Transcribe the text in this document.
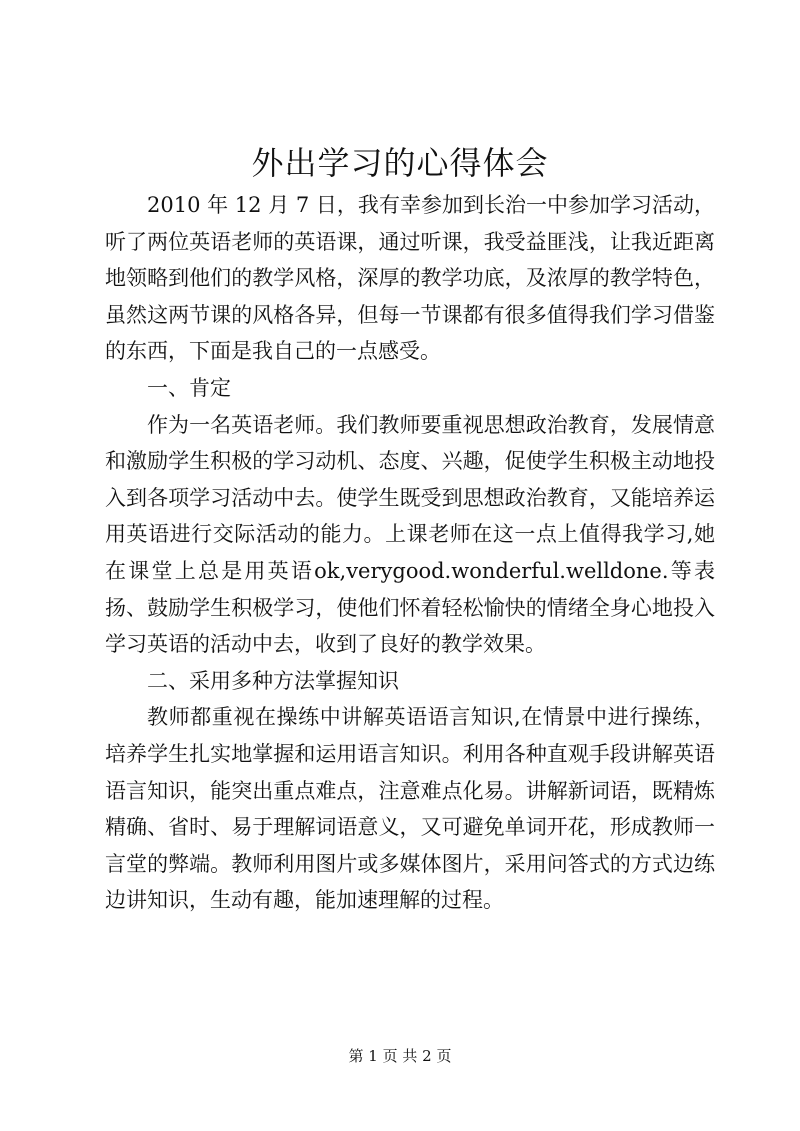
外出学习的心得体会

2010 年 12 月 7 日，我有幸参加到长治一中参加学习活动，听了两位英语老师的英语课，通过听课，我受益匪浅，让我近距离地领略到他们的教学风格，深厚的教学功底，及浓厚的教学特色，虽然这两节课的风格各异，但每一节课都有很多值得我们学习借鉴的东西，下面是我自己的一点感受。

一、肯定

作为一名英语老师。我们教师要重视思想政治教育，发展情意和激励学生积极的学习动机、态度、兴趣，促使学生积极主动地投入到各项学习活动中去。使学生既受到思想政治教育，又能培养运用英语进行交际活动的能力。上课老师在这一点上值得我学习,她在课堂上总是用英语ok,verygood.wonderful.welldone.等表扬、鼓励学生积极学习，使他们怀着轻松愉快的情绪全身心地投入学习英语的活动中去，收到了良好的教学效果。

二、采用多种方法掌握知识

教师都重视在操练中讲解英语语言知识,在情景中进行操练，培养学生扎实地掌握和运用语言知识。利用各种直观手段讲解英语语言知识，能突出重点难点，注意难点化易。讲解新词语，既精炼精确、省时、易于理解词语意义，又可避免单词开花，形成教师一言堂的弊端。教师利用图片或多媒体图片，采用问答式的方式边练边讲知识，生动有趣，能加速理解的过程。

第 1 页 共 2 页
